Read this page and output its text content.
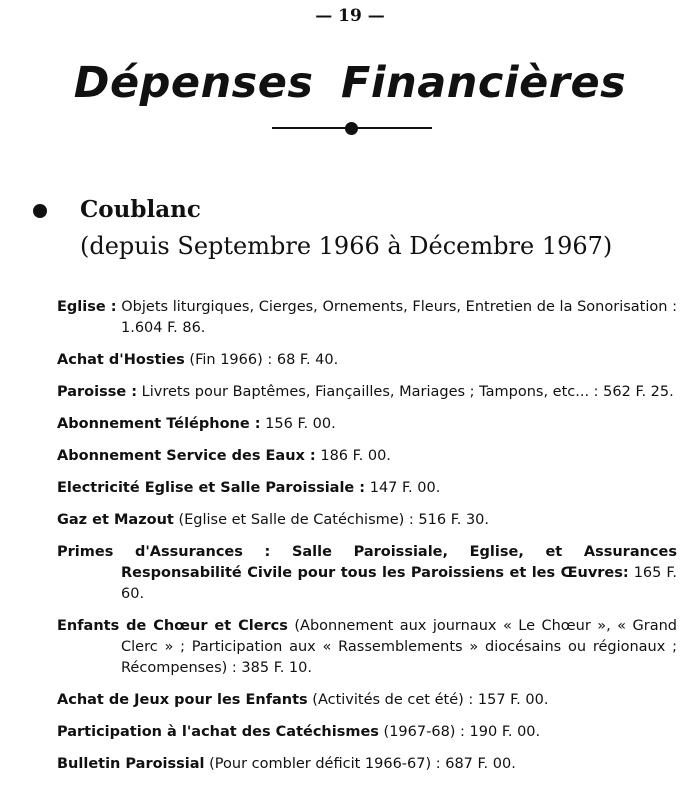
— 19 —
Dépenses Financières
Coublanc
(depuis Septembre 1966 à Décembre 1967)
Eglise : Objets liturgiques, Cierges, Ornements, Fleurs, Entretien de la Sonorisation : 1.604 F. 86.
Achat d'Hosties (Fin 1966) : 68 F. 40.
Paroisse : Livrets pour Baptêmes, Fiançailles, Mariages ; Tampons, etc... : 562 F. 25.
Abonnement Téléphone : 156 F. 00.
Abonnement Service des Eaux : 186 F. 00.
Electricité Eglise et Salle Paroissiale : 147 F. 00.
Gaz et Mazout (Eglise et Salle de Catéchisme) : 516 F. 30.
Primes d'Assurances : Salle Paroissiale, Eglise, et Assurances Responsabilité Civile pour tous les Paroissiens et les Œuvres: 165 F. 60.
Enfants de Chœur et Clercs (Abonnement aux journaux « Le Chœur », « Grand Clerc » ; Participation aux « Rassemblements » diocésains ou régionaux ; Récompenses) : 385 F. 10.
Achat de Jeux pour les Enfants (Activités de cet été) : 157 F. 00.
Participation à l'achat des Catéchismes (1967-68) : 190 F. 00.
Bulletin Paroissial (Pour combler déficit 1966-67) : 687 F. 00.
